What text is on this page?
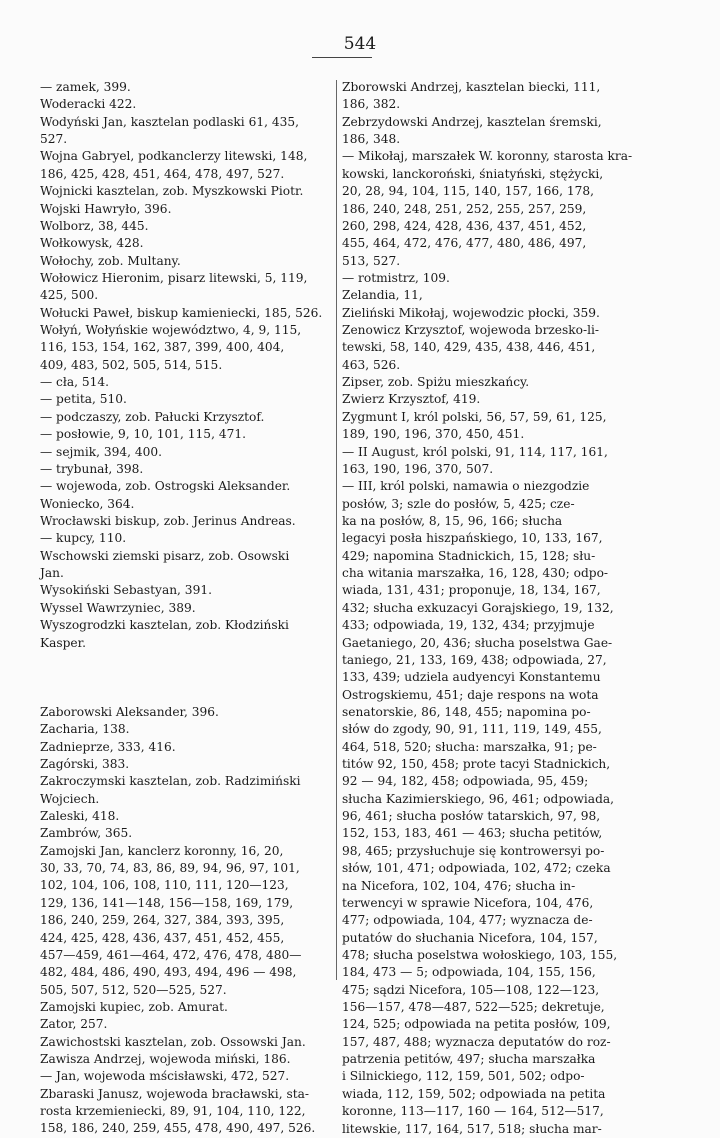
544
— zamek, 399.
Woderacki 422.
Wodyński Jan, kasztelan podlaski 61, 435,
527.
Wojna Gabryel, podkanclerzy litewski, 148,
186, 425, 428, 451, 464, 478, 497, 527.
Wojnicki kasztelan, zob. Myszkowski Piotr.
Wojski Hawryło, 396.
Wolborz, 38, 445.
Wołkowysk, 428.
Wołochy, zob. Multany.
Wołowicz Hieronim, pisarz litewski, 5, 119,
425, 500.
Wołucki Paweł, biskup kamieniecki, 185, 526.
Wołyń, Wołyńskie województwo, 4, 9, 115,
116, 153, 154, 162, 387, 399, 400, 404,
409, 483, 502, 505, 514, 515.
— cła, 514.
— petita, 510.
— podczaszy, zob. Pałucki Krzysztof.
— posłowie, 9, 10, 101, 115, 471.
— sejmik, 394, 400.
— trybunał, 398.
— wojewoda, zob. Ostrogski Aleksander.
Woniecko, 364.
Wrocławski biskup, zob. Jerinus Andreas.
— kupcy, 110.
Wschowski ziemski pisarz, zob. Osowski
Jan.
Wysokiński Sebastyan, 391.
Wyssel Wawrzyniec, 389.
Wyszogrodzki kasztelan, zob. Kłodziński
Kasper.
Zaborowski Aleksander, 396.
Zacharia, 138.
Zadnieprze, 333, 416.
Zagórski, 383.
Zakroczymski kasztelan, zob. Radzimiński
Wojciech.
Zaleski, 418.
Zambrów, 365.
Zamojski Jan, kanclerz koronny, 16, 20,
30, 33, 70, 74, 83, 86, 89, 94, 96, 97, 101,
102, 104, 106, 108, 110, 111, 120—123,
129, 136, 141—148, 156—158, 169, 179,
186, 240, 259, 264, 327, 384, 393, 395,
424, 425, 428, 436, 437, 451, 452, 455,
457—459, 461—464, 472, 476, 478, 480—
482, 484, 486, 490, 493, 494, 496 — 498,
505, 507, 512, 520—525, 527.
Zamojski kupiec, zob. Amurat.
Zator, 257.
Zawichostski kasztelan, zob. Ossowski Jan.
Zawisza Andrzej, wojewoda miński, 186.
— Jan, wojewoda mścisławski, 472, 527.
Zbaraski Janusz, wojewoda bracławski, sta-
rosta krzemieniecki, 89, 91, 104, 110, 122,
158, 186, 240, 259, 455, 478, 490, 497, 526.
Zborowski Andrzej, kasztelan biecki, 111,
186, 382.
Zebrzydowski Andrzej, kasztelan śremski,
186, 348.
— Mikołaj, marszałek W. koronny, starosta kra-
kowski, lanckoroński, śniatyński, stężycki,
20, 28, 94, 104, 115, 140, 157, 166, 178,
186, 240, 248, 251, 252, 255, 257, 259,
260, 298, 424, 428, 436, 437, 451, 452,
455, 464, 472, 476, 477, 480, 486, 497,
513, 527.
— rotmistrz, 109.
Zelandia, 11,
Zieliński Mikołaj, wojewodzic płocki, 359.
Zenowicz Krzysztof, wojewoda brzesko-li-
tewski, 58, 140, 429, 435, 438, 446, 451,
463, 526.
Zipser, zob. Spiżu mieszkańcy.
Zwierz Krzysztof, 419.
Zygmunt I, król polski, 56, 57, 59, 61, 125,
189, 190, 196, 370, 450, 451.
— II August, król polski, 91, 114, 117, 161,
163, 190, 196, 370, 507.
— III, król polski, namawia o niezgodzie
posłów, 3; szle do posłów, 5, 425; cze-
ka na posłów, 8, 15, 96, 166; słucha
legacyi posła hiszpańskiego, 10, 133, 167,
429; napomina Stadnickich, 15, 128; słu-
cha witania marszałka, 16, 128, 430; odpo-
wiada, 131, 431; proponuje, 18, 134, 167,
432; słucha exkuzacyi Gorajskiego, 19, 132,
433; odpowiada, 19, 132, 434; przyjmuje
Gaetaniego, 20, 436; słucha poselstwa Gae-
taniego, 21, 133, 169, 438; odpowiada, 27,
133, 439; udziela audyencyi Konstantemu
Ostrogskiemu, 451; daje respons na wota
senatorskie, 86, 148, 455; napomina po-
słów do zgody, 90, 91, 111, 119, 149, 455,
464, 518, 520; słucha: marszałka, 91; pe-
titów 92, 150, 458; prote tacyi Stadnickich,
92 — 94, 182, 458; odpowiada, 95, 459;
słucha Kazimierskiego, 96, 461; odpowiada,
96, 461; słucha posłów tatarskich, 97, 98,
152, 153, 183, 461 — 463; słucha petitów,
98, 465; przysłuchuje się kontrowersyi po-
słów, 101, 471; odpowiada, 102, 472; czeka
na Nicefora, 102, 104, 476; słucha in-
terwencyi w sprawie Nicefora, 104, 476,
477; odpowiada, 104, 477; wyznacza de-
putatów do słuchania Nicefora, 104, 157,
478; słucha poselstwa wołoskiego, 103, 155,
184, 473 — 5; odpowiada, 104, 155, 156,
475; sądzi Nicefora, 105—108, 122—123,
156—157, 478—487, 522—525; dekretuje,
124, 525; odpowiada na petita posłów, 109,
157, 487, 488; wyznacza deputatów do roz-
patrzenia petitów, 497; słucha marszałka
i Silnickiego, 112, 159, 501, 502; odpo-
wiada, 112, 159, 502; odpowiada na petita
koronne, 113—117, 160 — 164, 512—517,
litewskie, 117, 164, 517, 518; słucha mar-
